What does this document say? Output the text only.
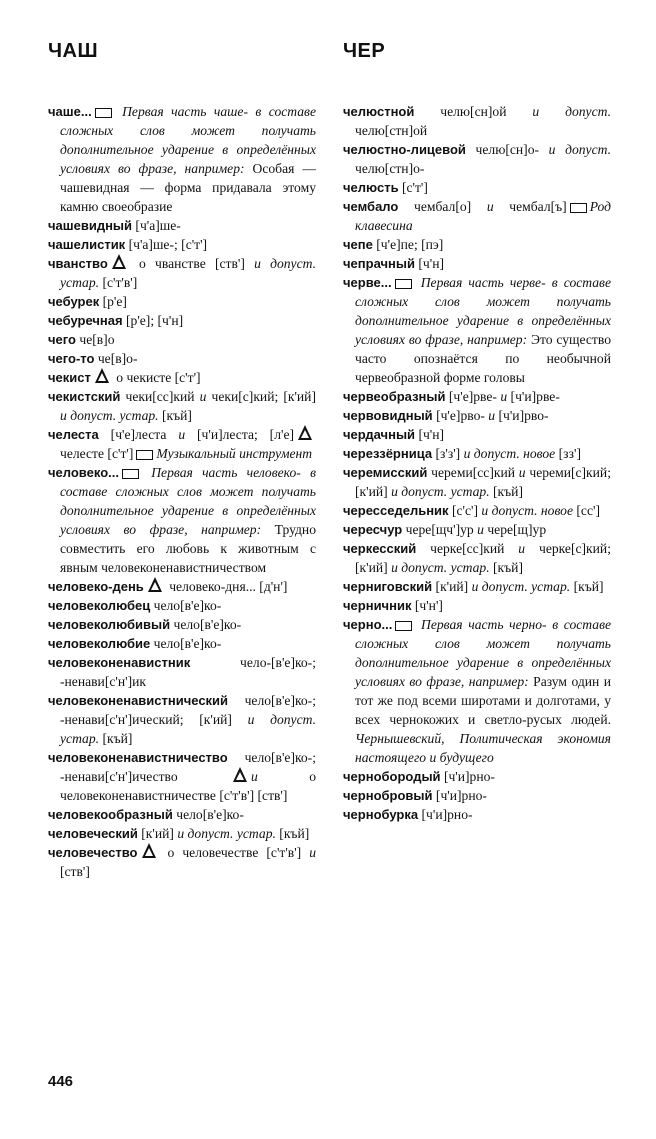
ЧАШ	ЧЕР

чаше... Первая часть чаше- в составе сложных слов может получать дополнительное ударение в определённых условиях во фразе, например: Особая — чашевидная — форма придавала этому камню своеобразие

чашевидный [ч'а]ше-

чашелистик [ч'а]ше-; [с'т']

чванство о чванстве [ств'] и допуст. устар. [с'т'в']

чебурек [р'е]

чебуречная [р'е]; [ч'н]

чего че[в]о

чего-то че[в]о-

чекист о чекисте [с'т']

чекистский чеки[сс]кий и чеки[с]кий; [к'ий] и допуст. устар. [къй]

челеста [ч'е]леста и [ч'и]леста; [л'е] челесте [с'т'] Музыкальный инструмент

человеко... Первая часть человеко- в составе сложных слов может получать дополнительное ударение в определённых условиях во фразе, например: Трудно совместить его любовь к животным с явным человеконенавистничеством

человеко-день человеко-дня... [д'н']

человеколюбец чело[в'е]ко-

человеколюбивый чело[в'е]ко-

человеколюбие чело[в'е]ко-

человеконенавистник чело-[в'е]ко-; -ненави[с'н']ик

человеконенавистнический чело[в'е]ко-; -ненави[с'н']ический; [к'ий] и допуст. устар. [къй]

человеконенавистничество чело[в'е]ко-; -ненави[с'н']ичество и о человеконенавистничестве [с'т'в'] [ств']

человекообразный чело[в'е]ко-

человеческий [к'ий] и допуст. устар. [къй]

человечество о человечестве [с'т'в'] и [ств']

челюстной челю[сн]ой и допуст. челю[стн]ой

челюстно-лицевой челю[сн]о- и допуст. челю[стн]о-

челюсть [с'т']

чембало чембал[о] и чембал[ъ] Род клавесина

чепе [ч'е]пе; [пэ]

чепрачный [ч'н]

черве... Первая часть черве- в составе сложных слов может получать дополнительное ударение в определённых условиях во фразе, например: Это существо часто опознаётся по необычной червеобразной форме головы

червеобразный [ч'е]рве- и [ч'и]рве-

червовидный [ч'е]рво- и [ч'и]рво-

чердачный [ч'н]

череззёрница [з'з'] и допуст. новое [зз']

черемисский череми[сс]кий и череми[с]кий; [к'ий] и допуст. устар. [къй]

чересседельник [с'с'] и допуст. новое [сс']

чересчур чере[щч']ур и чере[щ]ур

черкесский черке[сс]кий и черке[с]кий; [к'ий] и допуст. устар. [къй]

черниговский [к'ий] и допуст. устар. [къй]

черничник [ч'н']

черно... Первая часть черно- в составе сложных слов может получать дополнительное ударение в определённых условиях во фразе, например: Разум один и тот же под всеми широтами и долготами, у всех чернокожих и светло-русых людей. Чернышевский, Политическая экономия настоящего и будущего

чернобородый [ч'и]рно-

чернобровый [ч'и]рно-

чернобурка [ч'и]рно-

446
